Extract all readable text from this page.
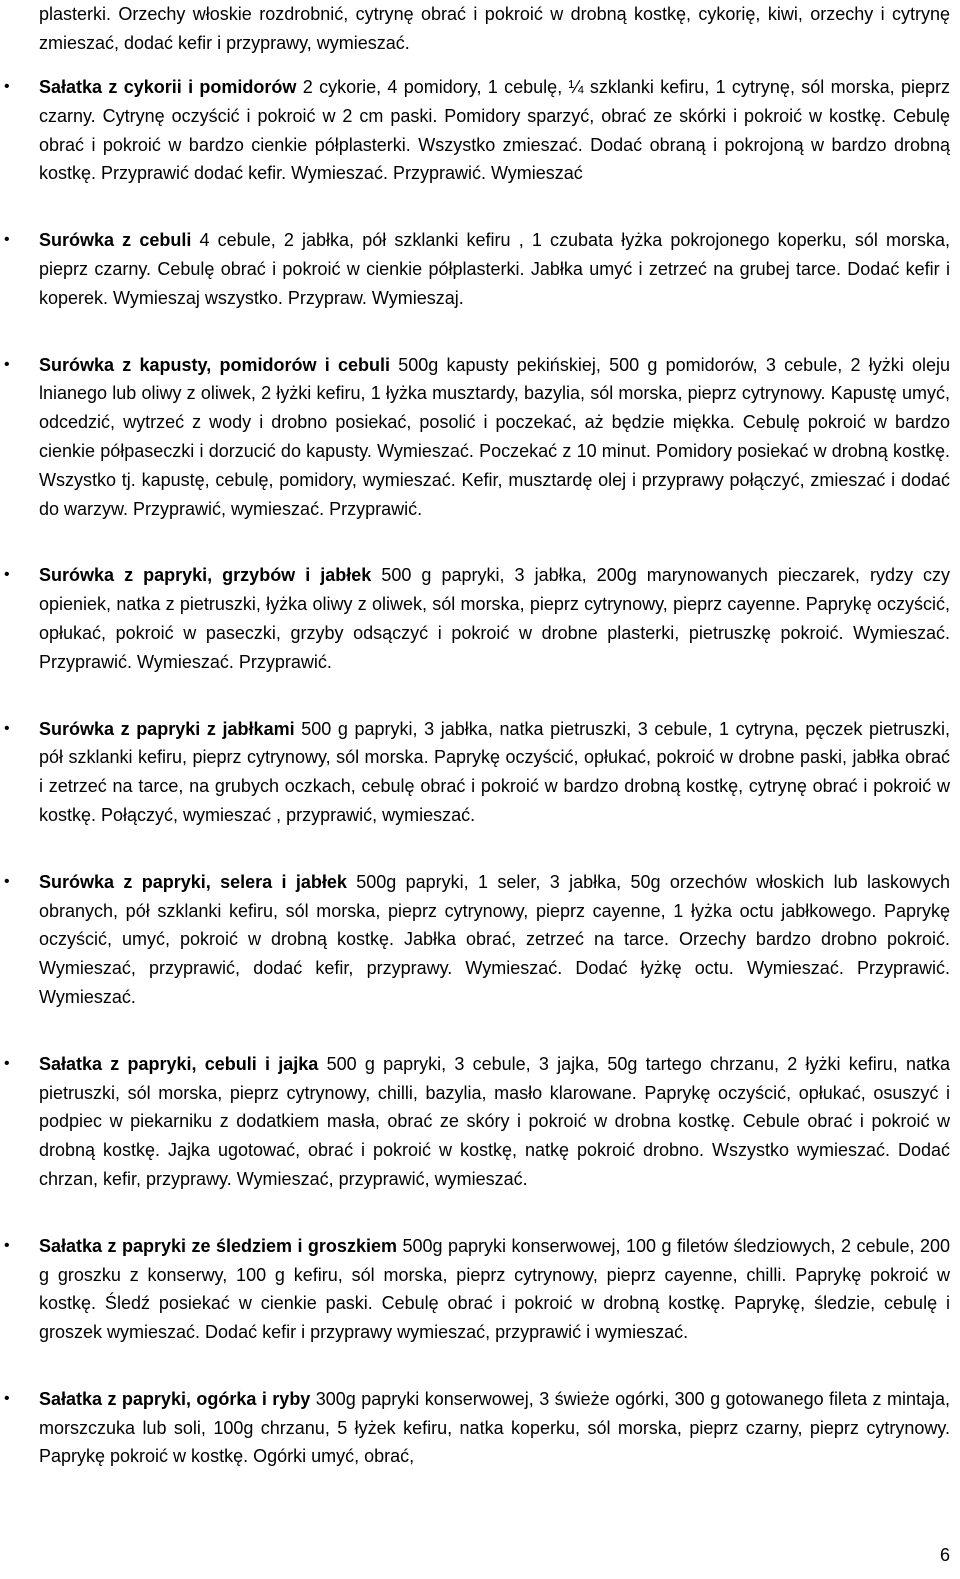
plasterki. Orzechy włoskie rozdrobnić, cytrynę obrać i pokroić w drobną kostkę, cykorię, kiwi, orzechy i cytrynę zmieszać, dodać kefir i przyprawy, wymieszać.

• Sałatka z cykorii i pomidorów 2 cykorie, 4 pomidory, 1 cebulę, ¼ szklanki kefiru, 1 cytrynę, sól morska, pieprz czarny. Cytrynę oczyścić i pokroić w 2 cm paski. Pomidory sparzyć, obrać ze skórki i pokroić w kostkę. Cebulę obrać i pokroić w bardzo cienkie półplasterki. Wszystko zmieszać. Dodać obraną i pokrojoną w bardzo drobną kostkę. Przyprawić dodać kefir. Wymieszać. Przyprawić. Wymieszać
• Surówka z cebuli 4 cebule, 2 jabłka, pół szklanki kefiru , 1 czubata łyżka pokrojonego koperku, sól morska, pieprz czarny. Cebulę obrać i pokroić w cienkie półplasterki. Jabłka umyć i zetrzeć na grubej tarce. Dodać kefir i koperek. Wymieszaj wszystko. Przypraw. Wymieszaj.
• Surówka z kapusty, pomidorów i cebuli 500g kapusty pekińskiej, 500 g pomidorów, 3 cebule, 2 łyżki oleju lnianego lub oliwy z oliwek, 2 łyżki kefiru, 1 łyżka musztardy, bazylia, sól morska, pieprz cytrynowy. Kapustę umyć, odcedzić, wytrzeć z wody i drobno posiekać, posolić i poczekać, aż będzie miękka. Cebulę pokroić w bardzo cienkie półpaseczki i dorzucić do kapusty. Wymieszać. Poczekać z 10 minut. Pomidory posiekać w drobną kostkę. Wszystko tj. kapustę, cebulę, pomidory, wymieszać. Kefir, musztardę olej i przyprawy połączyć, zmieszać i dodać do warzyw. Przyprawić, wymieszać. Przyprawić.
• Surówka z papryki, grzybów i jabłek 500 g papryki, 3 jabłka, 200g marynowanych pieczarek, rydzy czy opieniek, natka z pietruszki, łyżka oliwy z oliwek, sól morska, pieprz cytrynowy, pieprz cayenne. Paprykę oczyścić, opłukać, pokroić w paseczki, grzyby odsączyć i pokroić w drobne plasterki, pietruszkę pokroić. Wymieszać. Przyprawić. Wymieszać. Przyprawić.
• Surówka z papryki z jabłkami 500 g papryki, 3 jabłka, natka pietruszki, 3 cebule, 1 cytryna, pęczek pietruszki, pół szklanki kefiru, pieprz cytrynowy, sól morska. Paprykę oczyścić, opłukać, pokroić w drobne paski, jabłka obrać i zetrzeć na tarce, na grubych oczkach, cebulę obrać i pokroić w bardzo drobną kostkę, cytrynę obrać i pokroić w kostkę. Połączyć, wymieszać , przyprawić, wymieszać.
• Surówka z papryki, selera i jabłek 500g papryki, 1 seler, 3 jabłka, 50g orzechów włoskich lub laskowych obranych, pół szklanki kefiru, sól morska, pieprz cytrynowy, pieprz cayenne, 1 łyżka octu jabłkowego. Paprykę oczyścić, umyć, pokroić w drobną kostkę. Jabłka obrać, zetrzeć na tarce. Orzechy bardzo drobno pokroić. Wymieszać, przyprawić, dodać kefir, przyprawy. Wymieszać. Dodać łyżkę octu. Wymieszać. Przyprawić. Wymieszać.
• Sałatka z papryki, cebuli i jajka 500 g papryki, 3 cebule, 3 jajka, 50g tartego chrzanu, 2 łyżki kefiru, natka pietruszki, sól morska, pieprz cytrynowy, chilli, bazylia, masło klarowane. Paprykę oczyścić, opłukać, osuszyć i podpiec w piekarniku z dodatkiem masła, obrać ze skóry i pokroić w drobna kostkę. Cebule obrać i pokroić w drobną kostkę. Jajka ugotować, obrać i pokroić w kostkę, natkę pokroić drobno. Wszystko wymieszać. Dodać chrzan, kefir, przyprawy. Wymieszać, przyprawić, wymieszać.
• Sałatka z papryki ze śledziem i groszkiem 500g papryki konserwowej, 100 g filetów śledziowych, 2 cebule, 200 g groszku z konserwy, 100 g kefiru, sól morska, pieprz cytrynowy, pieprz cayenne, chilli. Paprykę pokroić w kostkę. Śledź posiekać w cienkie paski. Cebulę obrać i pokroić w drobną kostkę. Paprykę, śledzie, cebulę i groszek wymieszać. Dodać kefir i przyprawy wymieszać, przyprawić i wymieszać.
• Sałatka z papryki, ogórka i ryby 300g papryki konserwowej, 3 świeże ogórki, 300 g gotowanego fileta z mintaja, morszczuka lub soli, 100g chrzanu, 5 łyżek kefiru, natka koperku, sól morska, pieprz czarny, pieprz cytrynowy. Paprykę pokroić w kostkę. Ogórki umyć, obrać,
6
